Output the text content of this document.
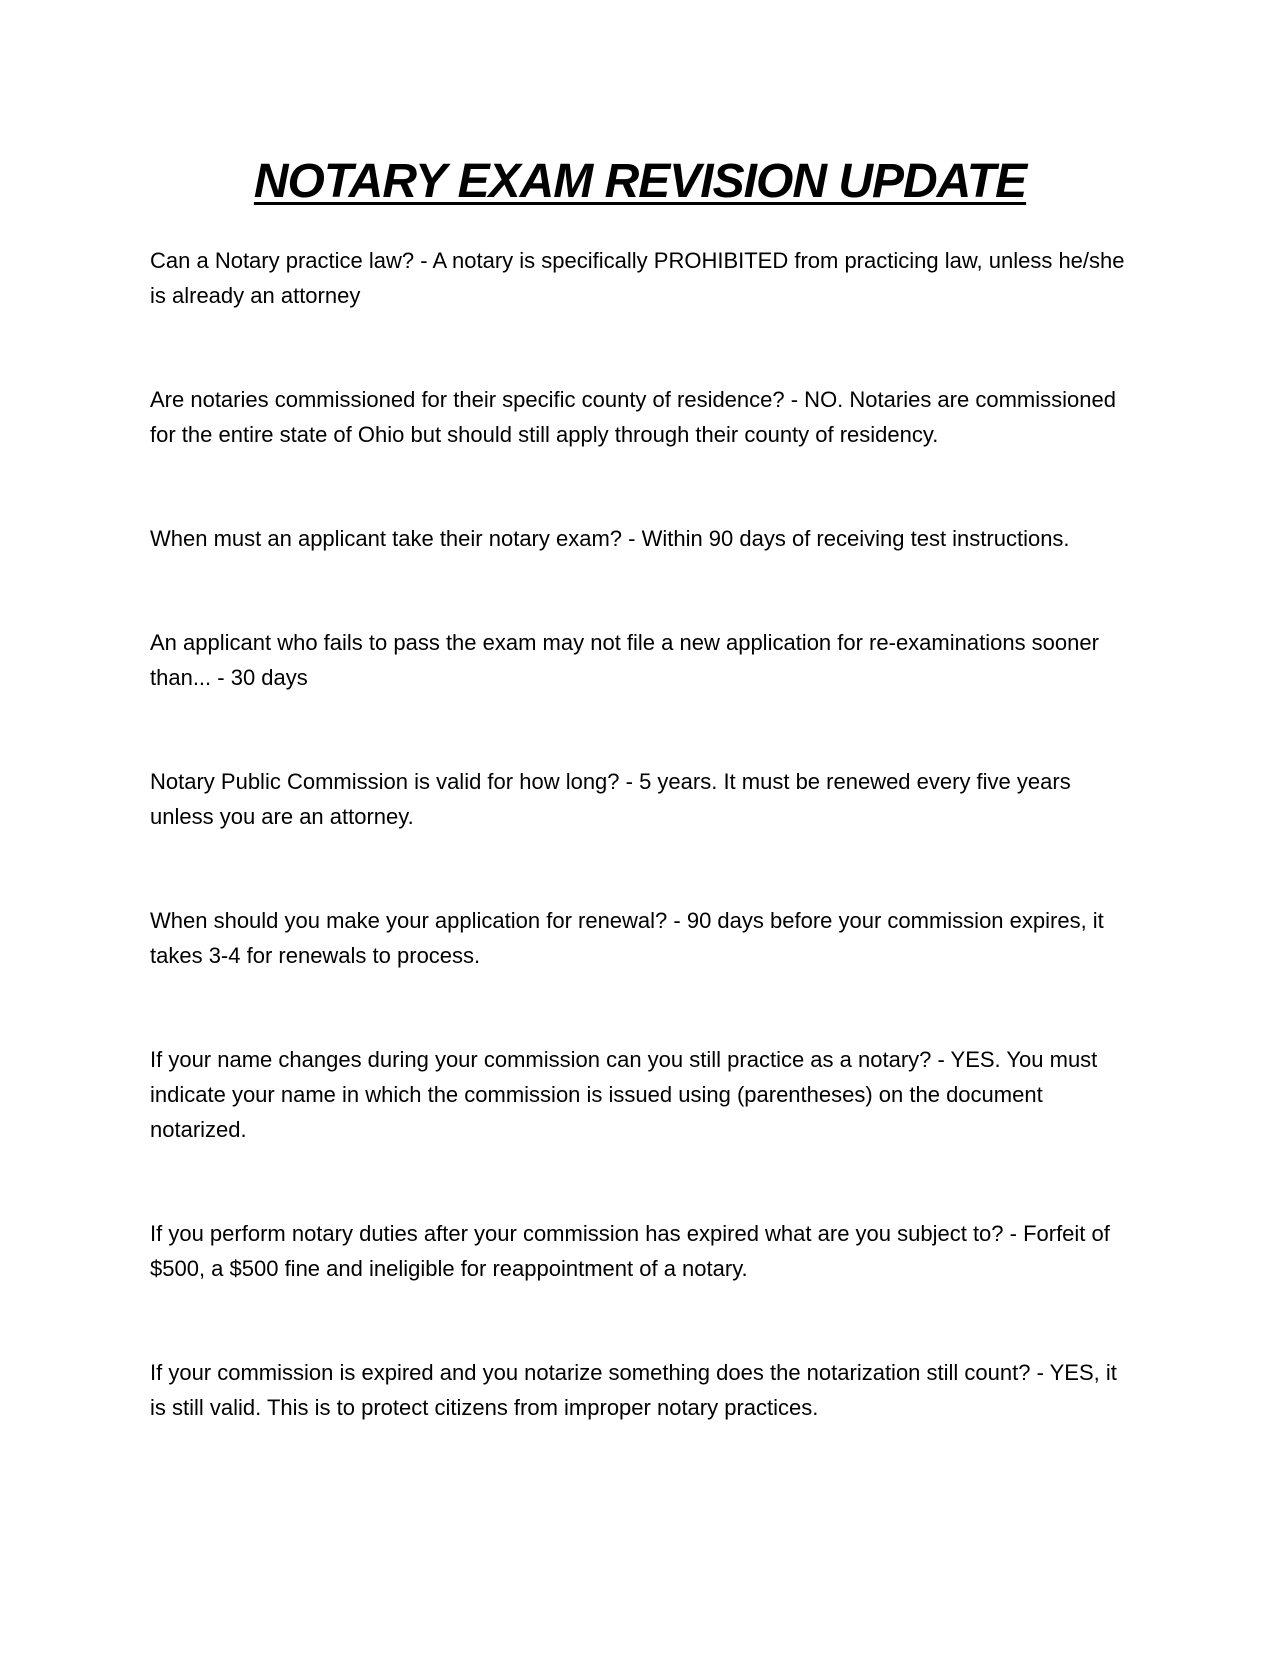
NOTARY EXAM REVISION UPDATE

Can a Notary practice law? - A notary is specifically PROHIBITED from practicing law, unless he/she is already an attorney

Are notaries commissioned for their specific county of residence? - NO. Notaries are commissioned for the entire state of Ohio but should still apply through their county of residency.

When must an applicant take their notary exam? - Within 90 days of receiving test instructions.

An applicant who fails to pass the exam may not file a new application for re-examinations sooner than... - 30 days

Notary Public Commission is valid for how long? - 5 years. It must be renewed every five years unless you are an attorney.

When should you make your application for renewal? - 90 days before your commission expires, it takes 3-4 for renewals to process.

If your name changes during your commission can you still practice as a notary? - YES. You must indicate your name in which the commission is issued using (parentheses) on the document notarized.

If you perform notary duties after your commission has expired what are you subject to? - Forfeit of $500, a $500 fine and ineligible for reappointment of a notary.

If your commission is expired and you notarize something does the notarization still count? - YES, it is still valid. This is to protect citizens from improper notary practices.
